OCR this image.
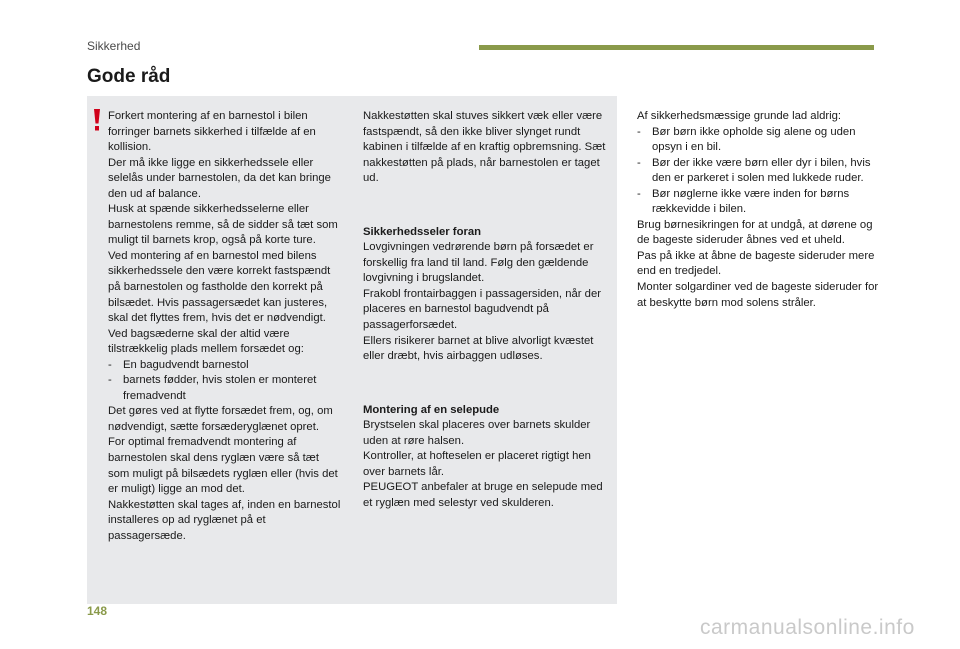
Sikkerhed
Gode råd

Forkert montering af en barnestol i bilen forringer barnets sikkerhed i tilfælde af en kollision.

Der må ikke ligge en sikkerhedssele eller selelås under barnestolen, da det kan bringe den ud af balance.

Husk at spænde sikkerhedsselerne eller barnestolens remme, så de sidder så tæt som muligt til barnets krop, også på korte ture.

Ved montering af en barnestol med bilens sikkerhedssele den være korrekt fastspændt på barnestolen og fastholde den korrekt på bilsædet. Hvis passagersædet kan justeres, skal det flyttes frem, hvis det er nødvendigt.

Ved bagsæderne skal der altid være tilstrækkelig plads mellem forsædet og:

- En bagudvendt barnestol
- barnets fødder, hvis stolen er monteret fremadvendt

Det gøres ved at flytte forsædet frem, og, om nødvendigt, sætte forsæderyglænet opret.

For optimal fremadvendt montering af barnestolen skal dens ryglæn være så tæt som muligt på bilsædets ryglæn eller (hvis det er muligt) ligge an mod det.

Nakkestøtten skal tages af, inden en barnestol installeres op ad ryglænet på et passagersæde.

Nakkestøtten skal stuves sikkert væk eller være fastspændt, så den ikke bliver slynget rundt kabinen i tilfælde af en kraftig opbremsning. Sæt nakkestøtten på plads, når barnestolen er taget ud.

Sikkerhedsseler foran

Lovgivningen vedrørende børn på forsædet er forskellig fra land til land. Følg den gældende lovgivning i brugslandet.

Frakobl frontairbaggen i passagersiden, når der placeres en barnestol bagudvendt på passagerforsædet.

Ellers risikerer barnet at blive alvorligt kvæstet eller dræbt, hvis airbaggen udløses.

Montering af en selepude

Brystselen skal placeres over barnets skulder uden at røre halsen.

Kontroller, at hofteselen er placeret rigtigt hen over barnets lår.

PEUGEOT anbefaler at bruge en selepude med et ryglæn med selestyr ved skulderen.

Af sikkerhedsmæssige grunde lad aldrig:

- Bør børn ikke opholde sig alene og uden opsyn i en bil.
- Bør der ikke være børn eller dyr i bilen, hvis den er parkeret i solen med lukkede ruder.
- Bør nøglerne ikke være inden for børns rækkevidde i bilen.

Brug børnesikringen for at undgå, at dørene og de bageste sideruder åbnes ved et uheld.

Pas på ikke at åbne de bageste sideruder mere end en tredjedel.

Monter solgardiner ved de bageste sideruder for at beskytte børn mod solens stråler.

148
carmanualsonline.info
